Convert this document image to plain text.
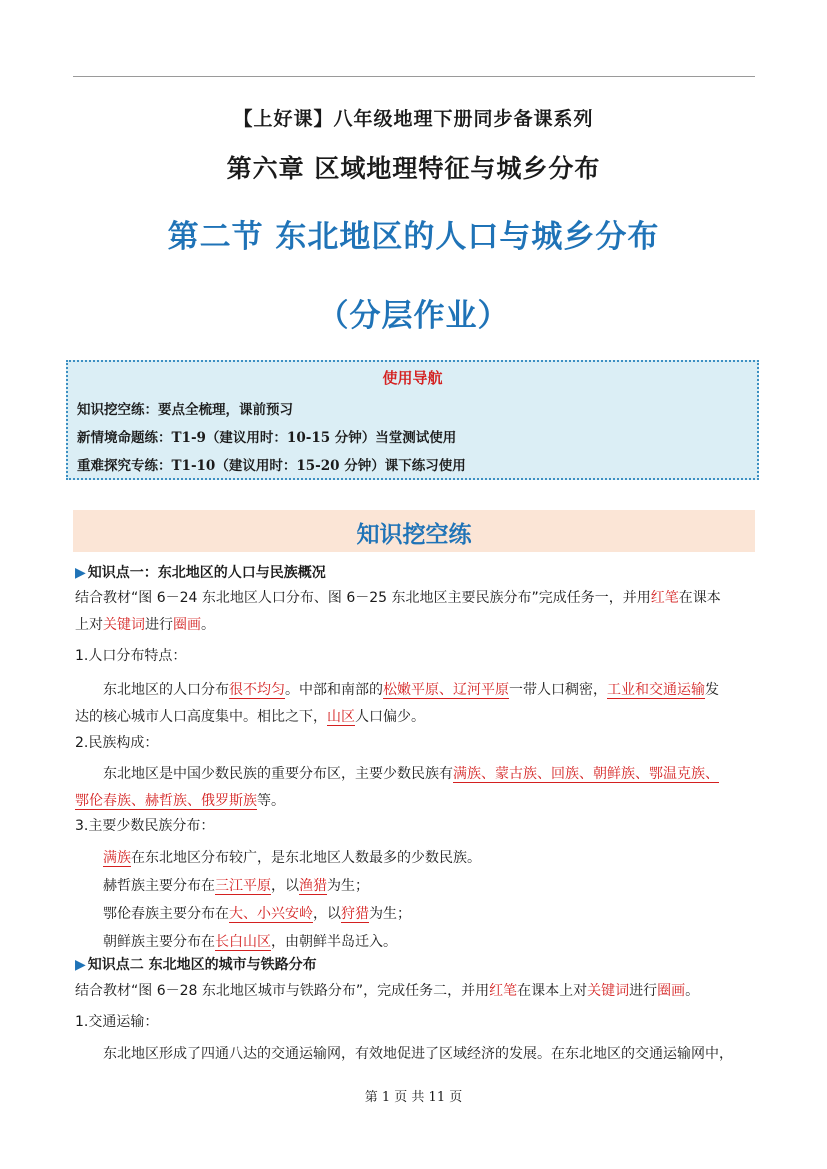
【上好课】八年级地理下册同步备课系列
第六章 区域地理特征与城乡分布
第二节 东北地区的人口与城乡分布
（分层作业）
使用导航
知识挖空练：要点全梳理，课前预习
新情境命题练：T1-9（建议用时：10-15 分钟）当堂测试使用
重难探究专练：T1-10（建议用时：15-20 分钟）课下练习使用
知识挖空练
▶ 知识点一：东北地区的人口与民族概况
结合教材“图 6－24 东北地区人口分布、图 6－25 东北地区主要民族分布”完成任务一，并用红笔在课本
上对关键词进行圈画。
1.人口分布特点：
东北地区的人口分布很不均匀。中部和南部的松嫩平原、辽河平原一带人口稠密，工业和交通运输发
达的核心城市人口高度集中。相比之下，山区人口偏少。
2.民族构成：
东北地区是中国少数民族的重要分布区，主要少数民族有满族、蒙古族、回族、朝鲜族、鄂温克族、
鄂伦春族、赫哲族、俄罗斯族等。
3.主要少数民族分布：
满族在东北地区分布较广，是东北地区人数最多的少数民族。
赫哲族主要分布在三江平原，以渔猎为生；
鄂伦春族主要分布在大、小兴安岭，以狩猎为生；
朝鲜族主要分布在长白山区，由朝鲜半岛迁入。
▶ 知识点二 东北地区的城市与铁路分布
结合教材“图 6－28 东北地区城市与铁路分布”，完成任务二，并用红笔在课本上对关键词进行圈画。
1.交通运输：
东北地区形成了四通八达的交通运输网，有效地促进了区域经济的发展。在东北地区的交通运输网中，
第 1 页 共 11 页
